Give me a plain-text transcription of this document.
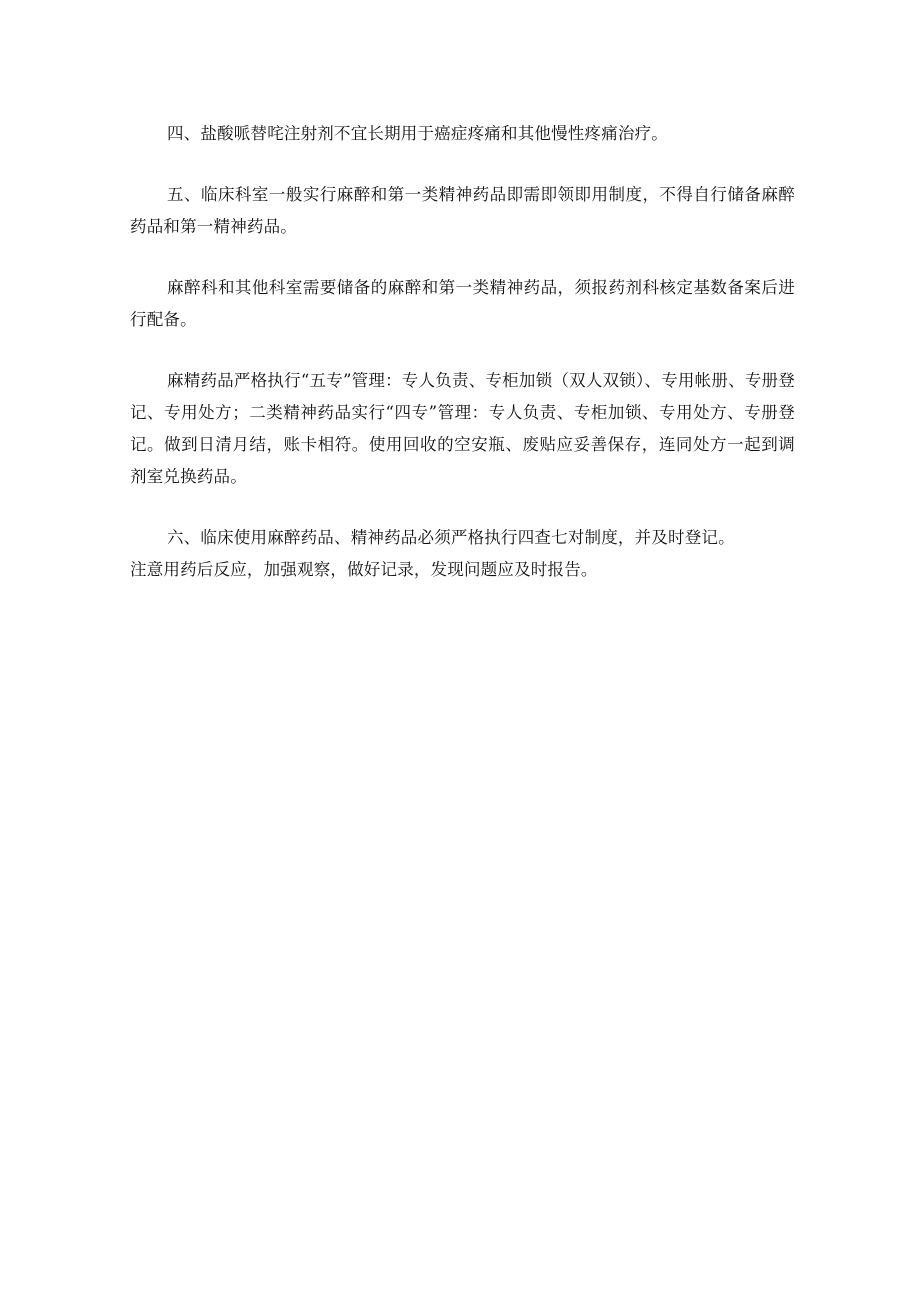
四、盐酸哌替咤注射剂不宜长期用于癌症疼痛和其他慢性疼痛治疗。

五、临床科室一般实行麻醉和第一类精神药品即需即领即用制度，不得自行储备麻醉药品和第一精神药品。

麻醉科和其他科室需要储备的麻醉和第一类精神药品，须报药剂科核定基数备案后进行配备。

麻精药品严格执行“五专”管理：专人负责、专柜加锁（双人双锁）、专用帐册、专册登记、专用处方；二类精神药品实行“四专”管理：专人负责、专柜加锁、专用处方、专册登记。做到日清月结，账卡相符。使用回收的空安瓶、废贴应妥善保存，连同处方一起到调剂室兑换药品。

六、临床使用麻醉药品、精神药品必须严格执行四查七对制度，并及时登记。

注意用药后反应，加强观察，做好记录，发现问题应及时报告。
